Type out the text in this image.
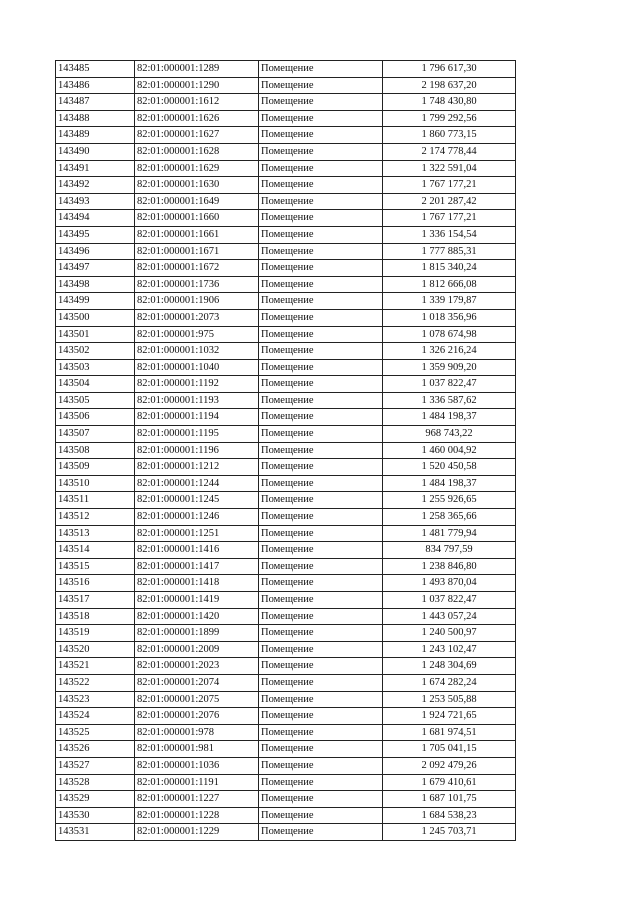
143485	82:01:000001:1289	Помещение	1 796 617,30
143486	82:01:000001:1290	Помещение	2 198 637,20
143487	82:01:000001:1612	Помещение	1 748 430,80
143488	82:01:000001:1626	Помещение	1 799 292,56
143489	82:01:000001:1627	Помещение	1 860 773,15
143490	82:01:000001:1628	Помещение	2 174 778,44
143491	82:01:000001:1629	Помещение	1 322 591,04
143492	82:01:000001:1630	Помещение	1 767 177,21
143493	82:01:000001:1649	Помещение	2 201 287,42
143494	82:01:000001:1660	Помещение	1 767 177,21
143495	82:01:000001:1661	Помещение	1 336 154,54
143496	82:01:000001:1671	Помещение	1 777 885,31
143497	82:01:000001:1672	Помещение	1 815 340,24
143498	82:01:000001:1736	Помещение	1 812 666,08
143499	82:01:000001:1906	Помещение	1 339 179,87
143500	82:01:000001:2073	Помещение	1 018 356,96
143501	82:01:000001:975	Помещение	1 078 674,98
143502	82:01:000001:1032	Помещение	1 326 216,24
143503	82:01:000001:1040	Помещение	1 359 909,20
143504	82:01:000001:1192	Помещение	1 037 822,47
143505	82:01:000001:1193	Помещение	1 336 587,62
143506	82:01:000001:1194	Помещение	1 484 198,37
143507	82:01:000001:1195	Помещение	968 743,22
143508	82:01:000001:1196	Помещение	1 460 004,92
143509	82:01:000001:1212	Помещение	1 520 450,58
143510	82:01:000001:1244	Помещение	1 484 198,37
143511	82:01:000001:1245	Помещение	1 255 926,65
143512	82:01:000001:1246	Помещение	1 258 365,66
143513	82:01:000001:1251	Помещение	1 481 779,94
143514	82:01:000001:1416	Помещение	834 797,59
143515	82:01:000001:1417	Помещение	1 238 846,80
143516	82:01:000001:1418	Помещение	1 493 870,04
143517	82:01:000001:1419	Помещение	1 037 822,47
143518	82:01:000001:1420	Помещение	1 443 057,24
143519	82:01:000001:1899	Помещение	1 240 500,97
143520	82:01:000001:2009	Помещение	1 243 102,47
143521	82:01:000001:2023	Помещение	1 248 304,69
143522	82:01:000001:2074	Помещение	1 674 282,24
143523	82:01:000001:2075	Помещение	1 253 505,88
143524	82:01:000001:2076	Помещение	1 924 721,65
143525	82:01:000001:978	Помещение	1 681 974,51
143526	82:01:000001:981	Помещение	1 705 041,15
143527	82:01:000001:1036	Помещение	2 092 479,26
143528	82:01:000001:1191	Помещение	1 679 410,61
143529	82:01:000001:1227	Помещение	1 687 101,75
143530	82:01:000001:1228	Помещение	1 684 538,23
143531	82:01:000001:1229	Помещение	1 245 703,71
